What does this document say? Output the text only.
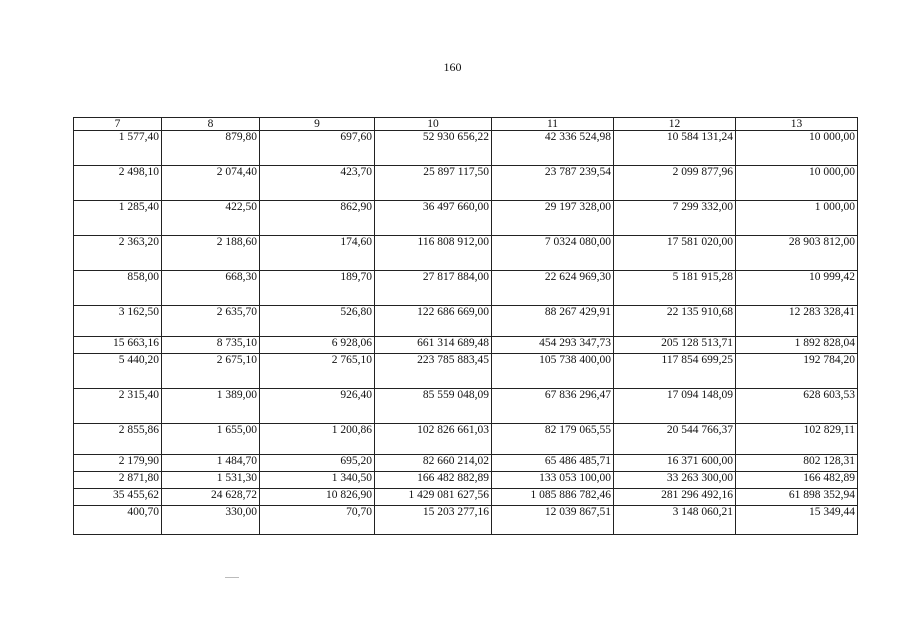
160
7	8	9	10	11	12	13
1 577,40	879,80	697,60	52 930 656,22	42 336 524,98	10 584 131,24	10 000,00
2 498,10	2 074,40	423,70	25 897 117,50	23 787 239,54	2 099 877,96	10 000,00
1 285,40	422,50	862,90	36 497 660,00	29 197 328,00	7 299 332,00	1 000,00
2 363,20	2 188,60	174,60	116 808 912,00	7 0324 080,00	17 581 020,00	28 903 812,00
858,00	668,30	189,70	27 817 884,00	22 624 969,30	5 181 915,28	10 999,42
3 162,50	2 635,70	526,80	122 686 669,00	88 267 429,91	22 135 910,68	12 283 328,41
15 663,16	8 735,10	6 928,06	661 314 689,48	454 293 347,73	205 128 513,71	1 892 828,04
5 440,20	2 675,10	2 765,10	223 785 883,45	105 738 400,00	117 854 699,25	192 784,20
2 315,40	1 389,00	926,40	85 559 048,09	67 836 296,47	17 094 148,09	628 603,53
2 855,86	1 655,00	1 200,86	102 826 661,03	82 179 065,55	20 544 766,37	102 829,11
2 179,90	1 484,70	695,20	82 660 214,02	65 486 485,71	16 371 600,00	802 128,31
2 871,80	1 531,30	1 340,50	166 482 882,89	133 053 100,00	33 263 300,00	166 482,89
35 455,62	24 628,72	10 826,90	1 429 081 627,56	1 085 886 782,46	281 296 492,16	61 898 352,94
400,70	330,00	70,70	15 203 277,16	12 039 867,51	3 148 060,21	15 349,44
